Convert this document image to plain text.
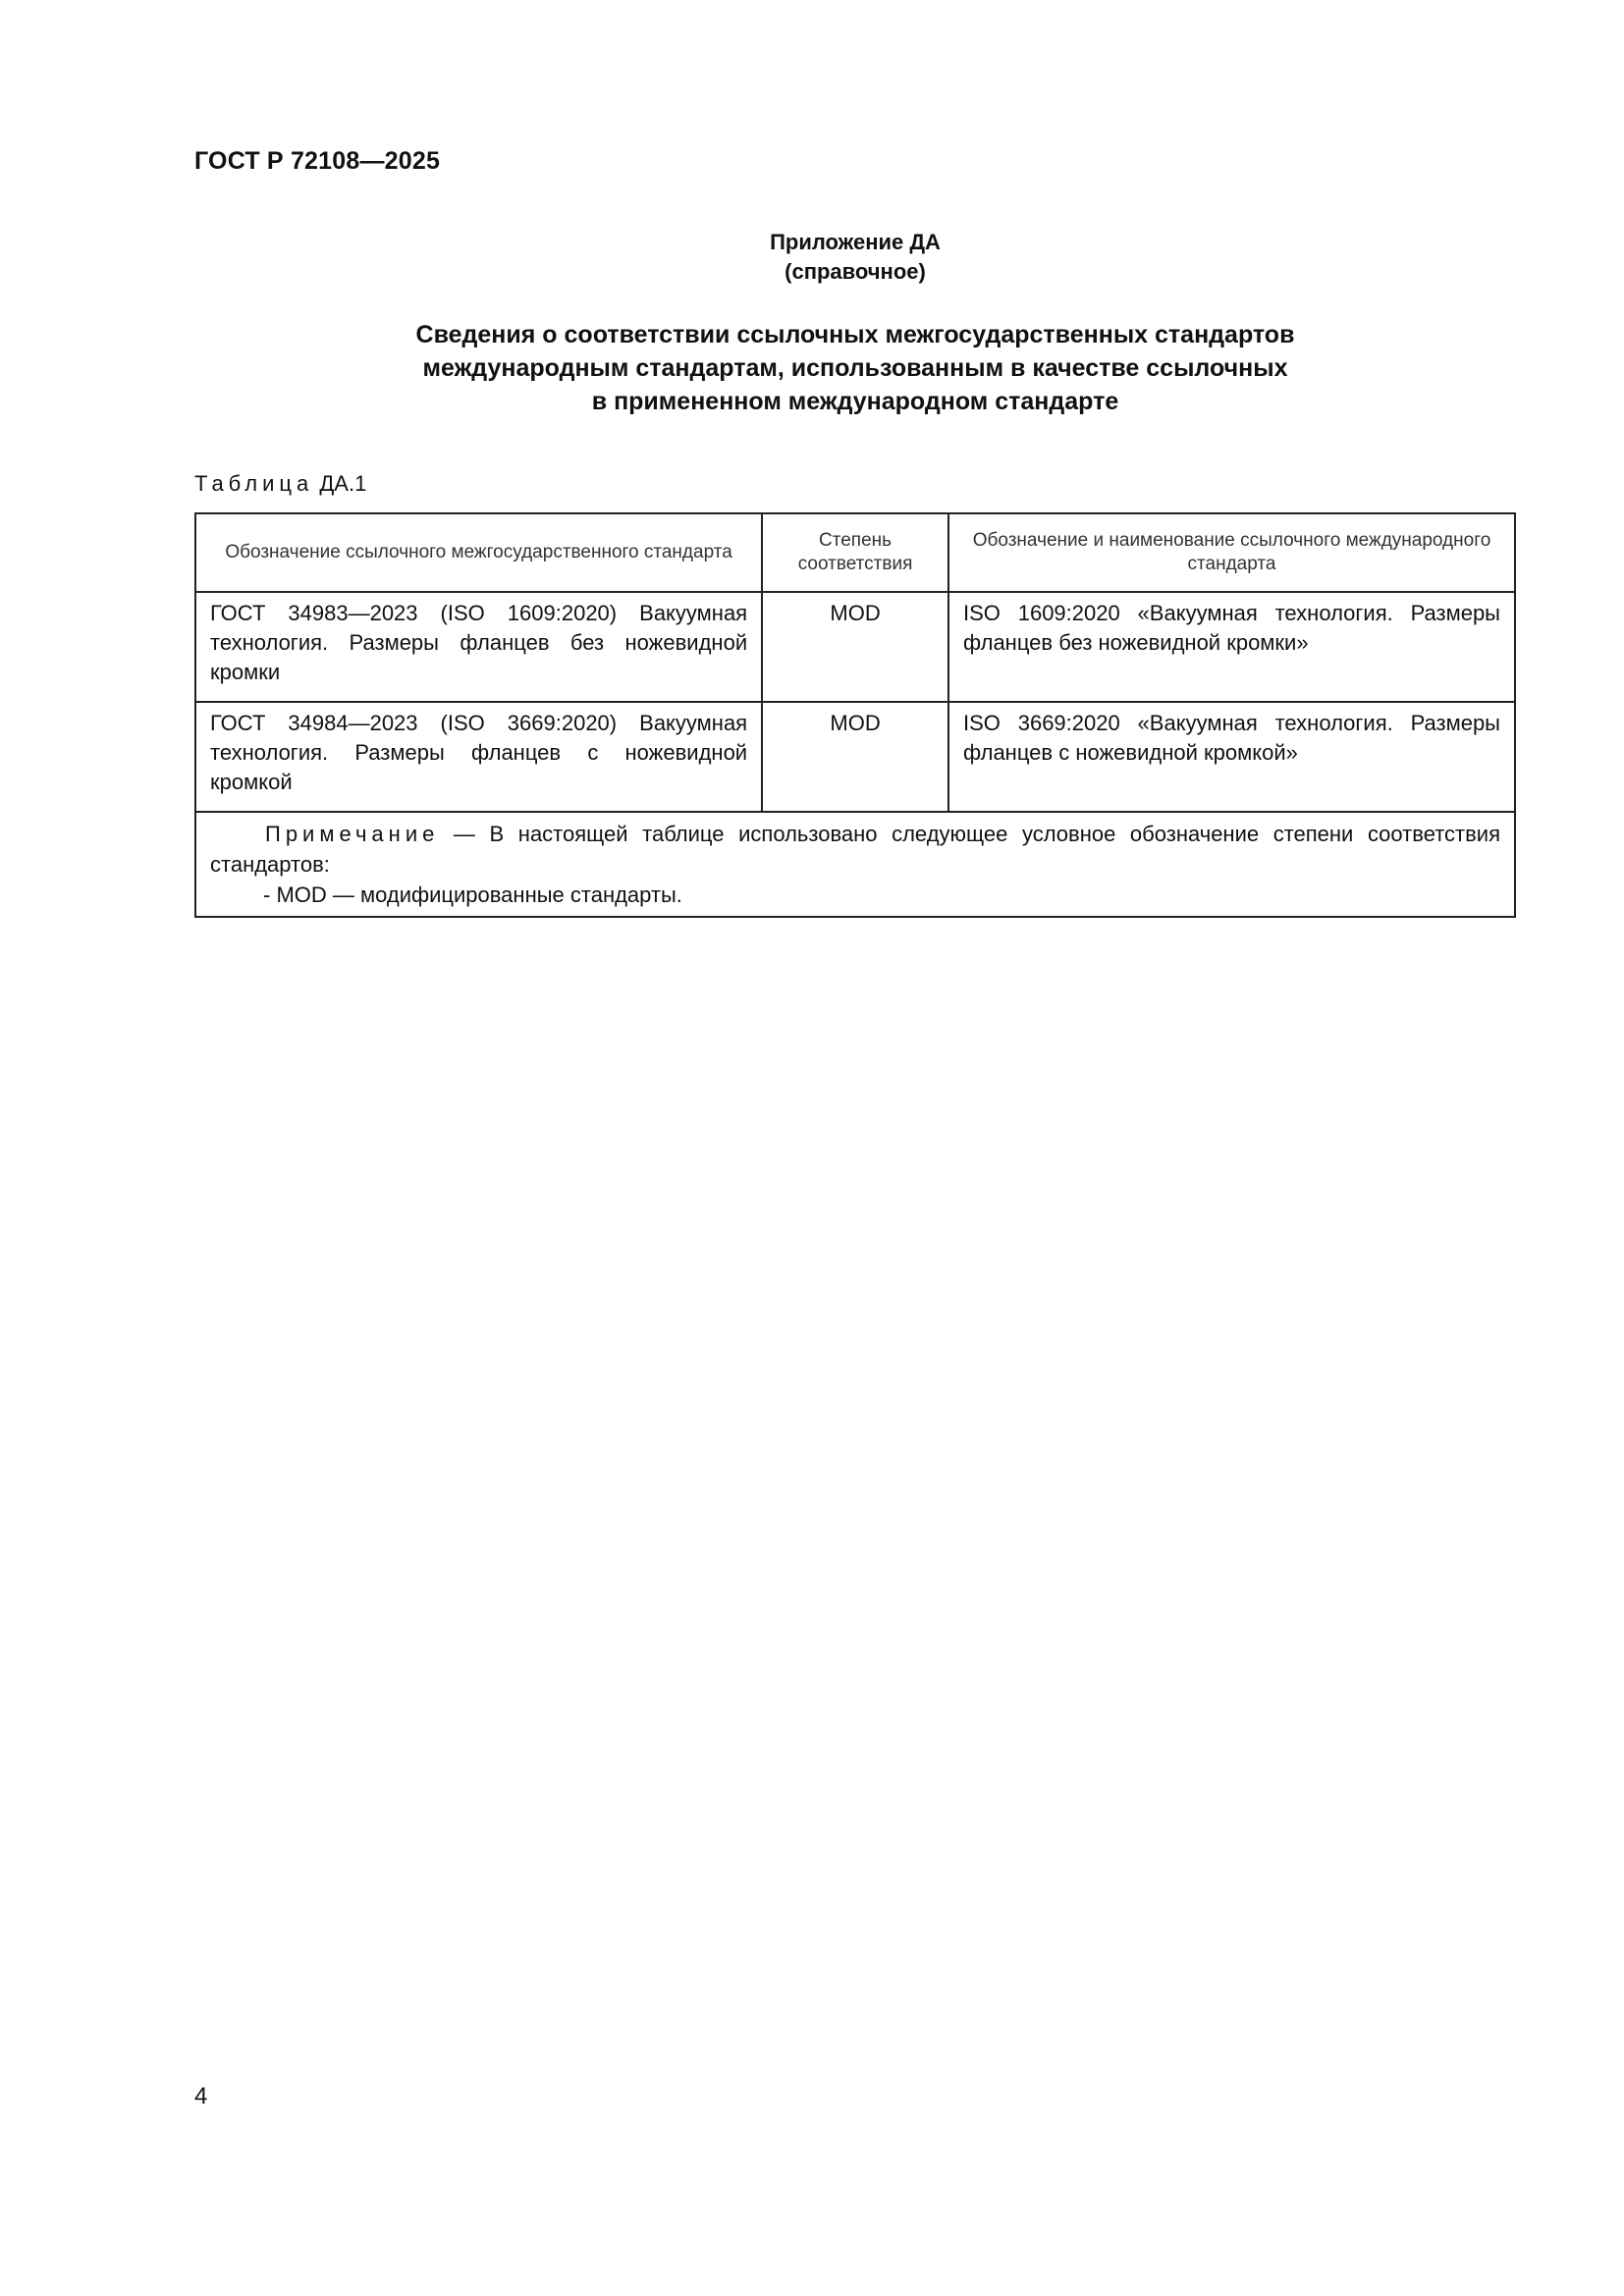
ГОСТ Р 72108—2025
Приложение ДА
(справочное)
Сведения о соответствии ссылочных межгосударственных стандартов
международным стандартам, использованным в качестве ссылочных
в примененном международном стандарте
Таблица ДА.1
Обозначение ссылочного межгосударственного стандарта	Степень соответствия	Обозначение и наименование ссылочного международного стандарта
ГОСТ 34983—2023 (ISO 1609:2020) Вакуумная технология. Размеры фланцев без ножевидной кромки	MOD	ISO 1609:2020 «Вакуумная технология. Размеры фланцев без ножевидной кромки»
ГОСТ 34984—2023 (ISO 3669:2020) Вакуумная технология. Размеры фланцев с ножевидной кромкой	MOD	ISO 3669:2020 «Вакуумная технология. Размеры фланцев с ножевидной кромкой»

Примечание — В настоящей таблице использовано следующее условное обозначение степени соответствия стандартов:
- MOD — модифицированные стандарты.		
4
